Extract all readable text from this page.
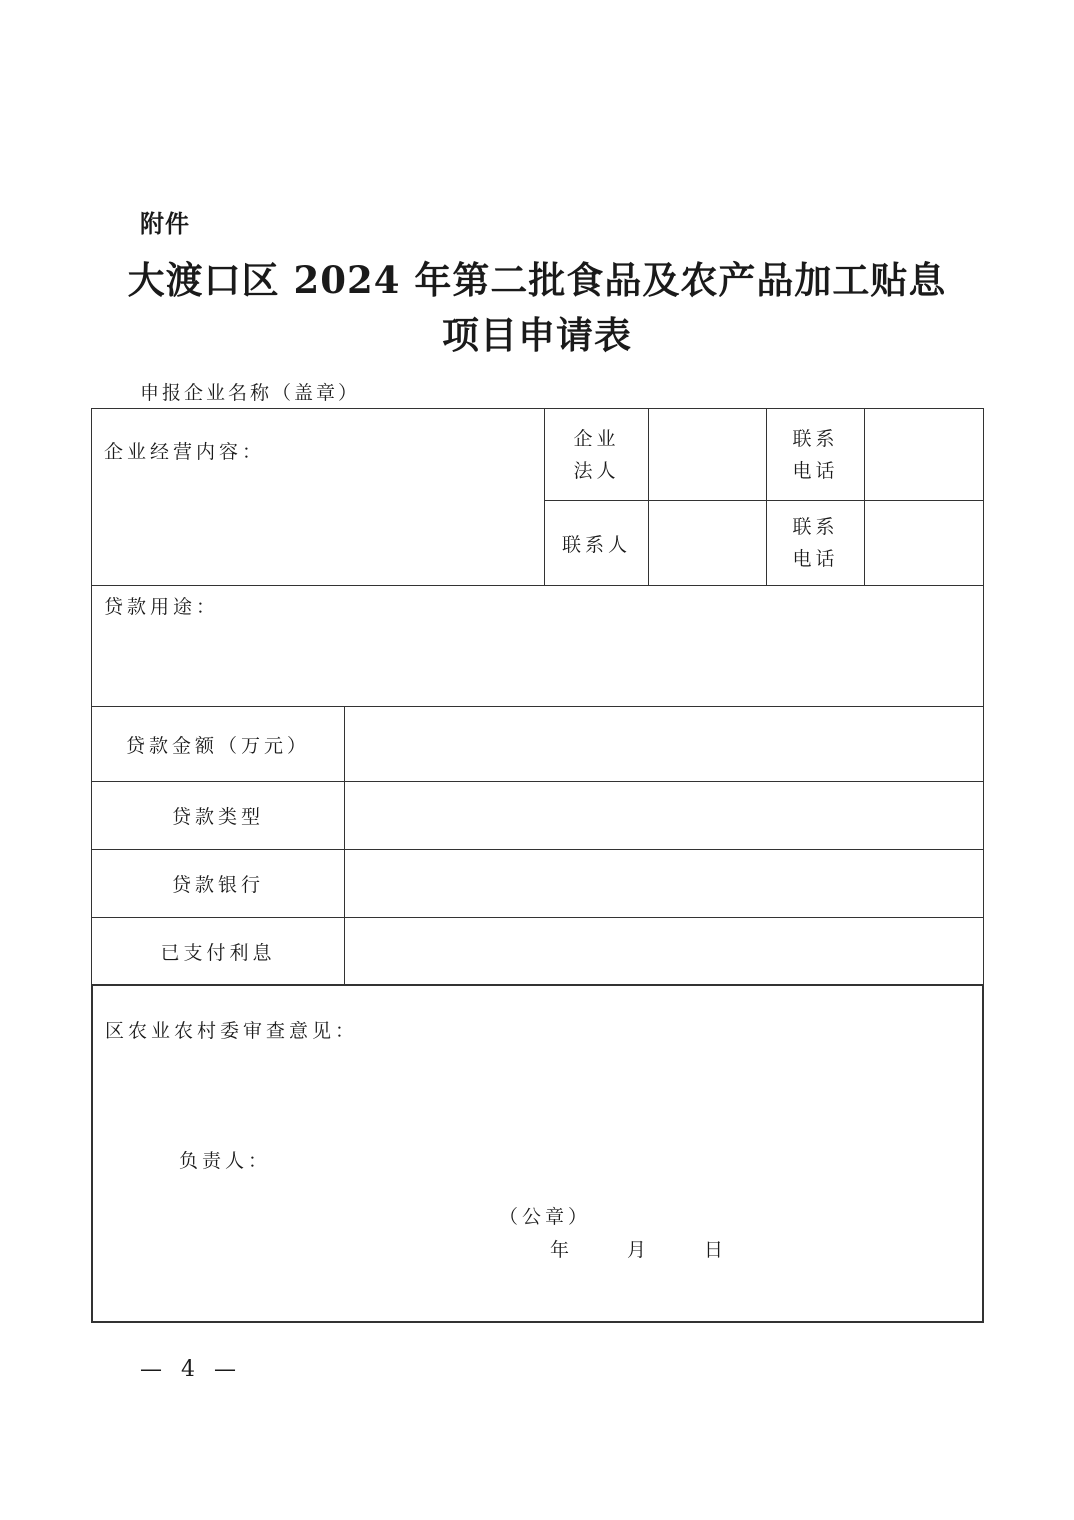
附件
大渡口区 2024 年第二批食品及农产品加工贴息
项目申请表
申报企业名称（盖章）
企业经营内容：
企业
法人
联系
电话
联系人
联系
电话
贷款用途：
贷款金额（万元）
贷款类型
贷款银行
已支付利息
区农业农村委审查意见：
负责人：
（公章）
年	月	日
— 4 —
